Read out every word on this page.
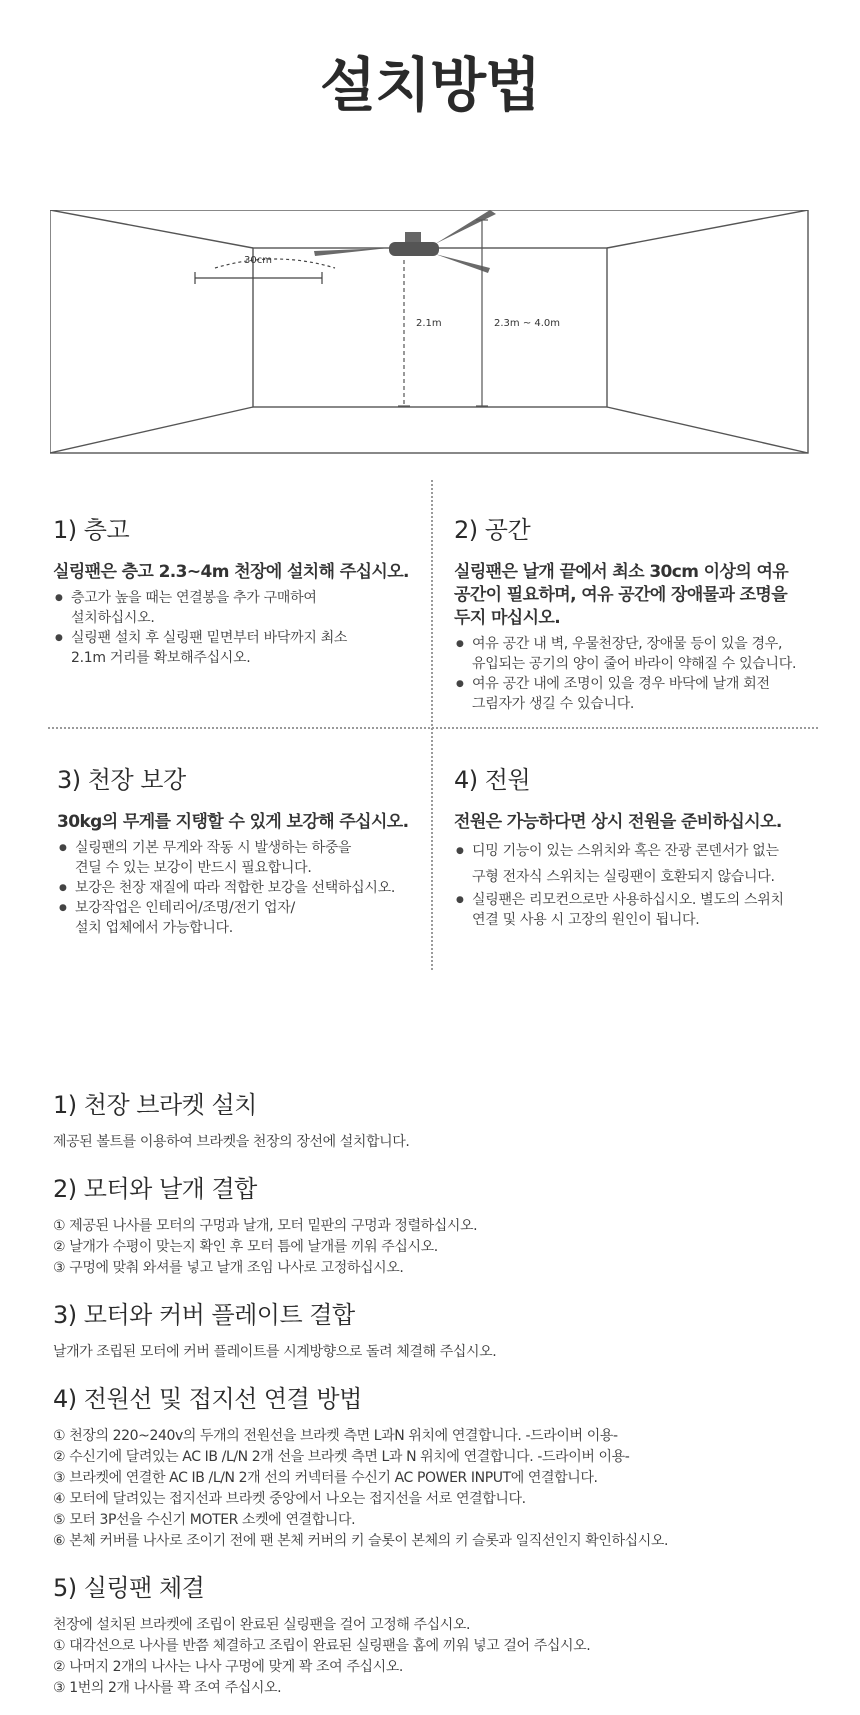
설치방법
30cm
2.1m	2.3m ~ 4.0m
1) 층고
실링팬은 층고 2.3~4m 천장에 설치해 주십시오.
● 층고가 높을 때는 연결봉을 추가 구매하여
설치하십시오.
● 실링팬 설치 후 실링팬 밑면부터 바닥까지 최소
2.1m 거리를 확보해주십시오.
2) 공간
실링팬은 날개 끝에서 최소 30cm 이상의 여유
공간이 필요하며, 여유 공간에 장애물과 조명을
두지 마십시오.
● 여유 공간 내 벽, 우물천장단, 장애물 등이 있을 경우,
유입되는 공기의 양이 줄어 바라이 약해질 수 있습니다.
● 여유 공간 내에 조명이 있을 경우 바닥에 날개 회전
그림자가 생길 수 있습니다.
3) 천장 보강
30kg의 무게를 지탱할 수 있게 보강해 주십시오.
● 실링팬의 기본 무게와 작동 시 발생하는 하중을
견딜 수 있는 보강이 반드시 필요합니다.
● 보강은 천장 재질에 따라 적합한 보강을 선택하십시오.
● 보강작업은 인테리어/조명/전기 업자/
설치 업체에서 가능합니다.
4) 전원
전원은 가능하다면 상시 전원을 준비하십시오.
● 디밍 기능이 있는 스위치와 혹은 잔광 콘덴서가 없는
구형 전자식 스위치는 실링팬이 호환되지 않습니다.
● 실링팬은 리모컨으로만 사용하십시오. 별도의 스위치
연결 및 사용 시 고장의 원인이 됩니다.
1) 천장 브라켓 설치

제공된 볼트를 이용하여 브라켓을 천장의 장선에 설치합니다.

2) 모터와 날개 결합

① 제공된 나사를 모터의 구멍과 날개, 모터 밑판의 구멍과 정렬하십시오.

② 날개가 수평이 맞는지 확인 후 모터 틈에 날개를 끼워 주십시오.

③ 구멍에 맞춰 와셔를 넣고 날개 조임 나사로 고정하십시오.

3) 모터와 커버 플레이트 결합

날개가 조립된 모터에 커버 플레이트를 시계방향으로 돌려 체결해 주십시오.

4) 전원선 및 접지선 연결 방법

① 천장의 220~240v의 두개의 전원선을 브라켓 측면 L과N 위치에 연결합니다. -드라이버 이용-

② 수신기에 달려있는 AC IB /L/N 2개 선을 브라켓 측면 L과 N 위치에 연결합니다. -드라이버 이용-

③ 브라켓에 연결한 AC IB /L/N 2개 선의 커넥터를 수신기 AC POWER INPUT에 연결합니다.

④ 모터에 달려있는 접지선과 브라켓 중앙에서 나오는 접지선을 서로 연결합니다.

⑤ 모터 3P선을 수신기 MOTER 소켓에 연결합니다.

⑥ 본체 커버를 나사로 조이기 전에 팬 본체 커버의 키 슬롯이 본체의 키 슬롯과 일직선인지 확인하십시오.

5) 실링팬 체결

천장에 설치된 브라켓에 조립이 완료된 실링팬을 걸어 고정해 주십시오.

① 대각선으로 나사를 반쯤 체결하고 조립이 완료된 실링팬을 홈에 끼워 넣고 걸어 주십시오.

② 나머지 2개의 나사는 나사 구멍에 맞게 꽉 조여 주십시오.

③ 1번의 2개 나사를 꽉 조여 주십시오.
